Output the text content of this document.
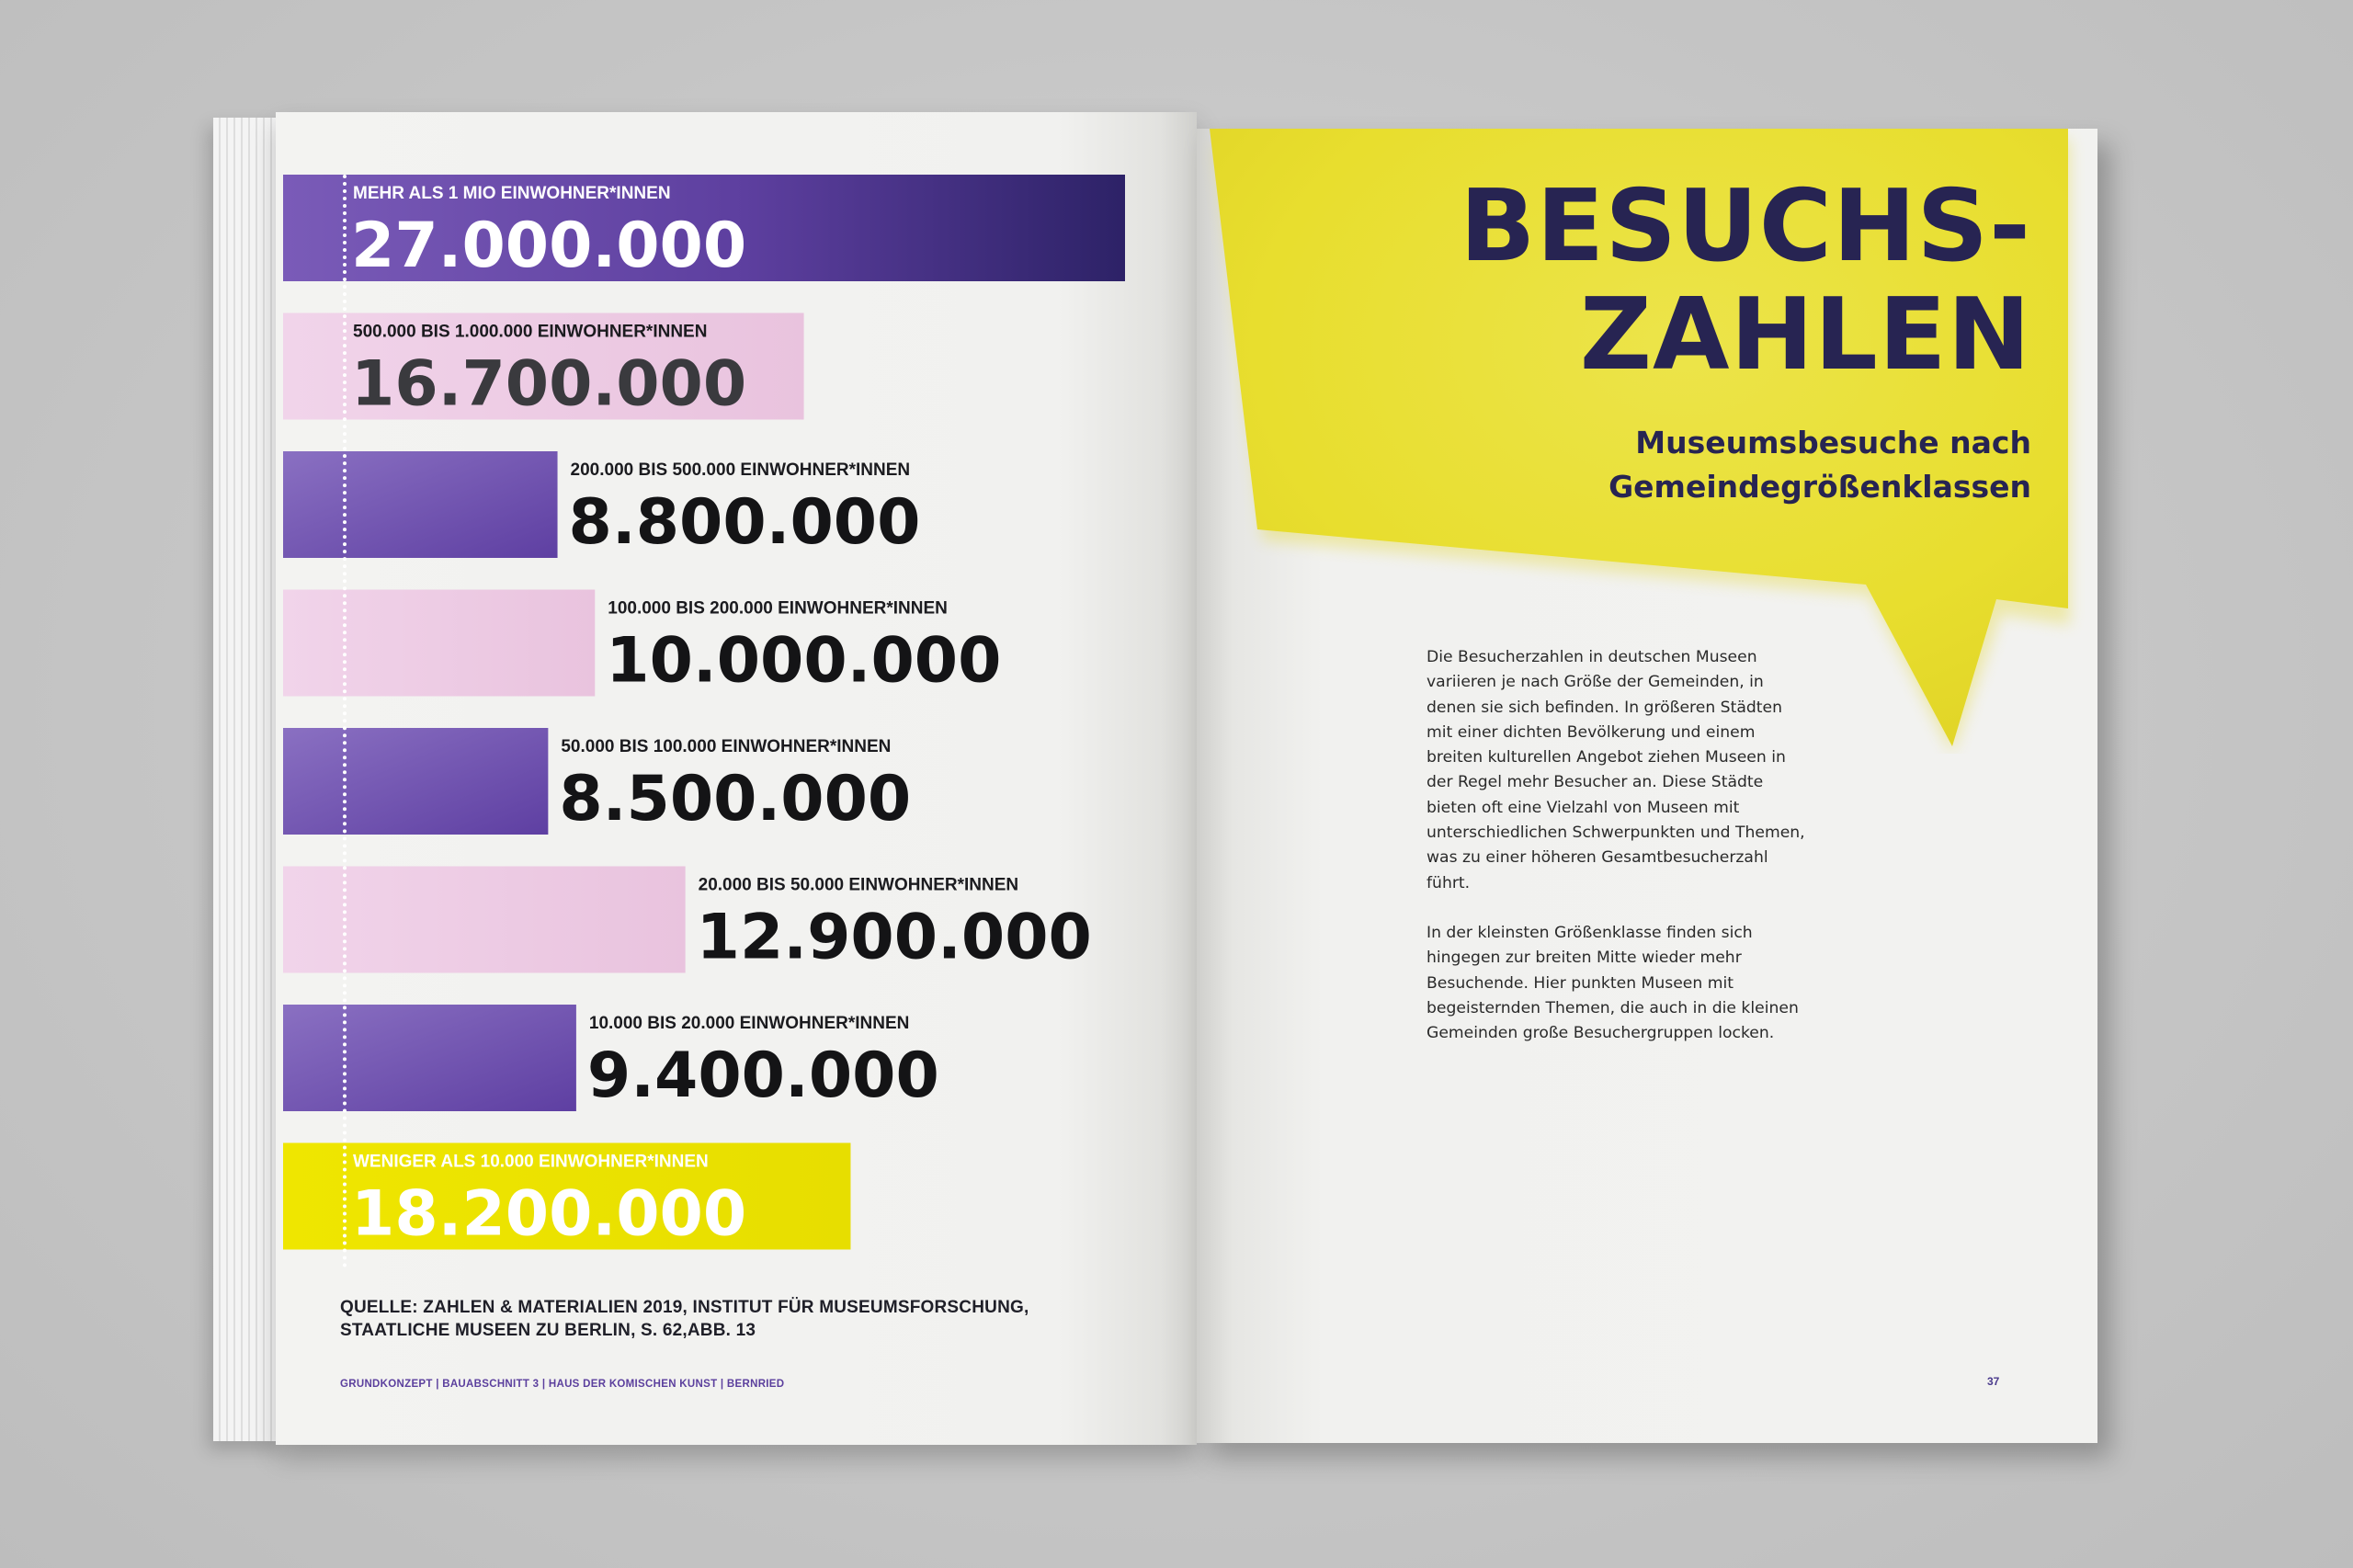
MEHR ALS 1 MIO EINWOHNER*INNEN
27.000.000
500.000 BIS 1.000.000 EINWOHNER*INNEN
16.700.000
200.000 BIS 500.000 EINWOHNER*INNEN
8.800.000
100.000 BIS 200.000 EINWOHNER*INNEN
10.000.000
50.000 BIS 100.000 EINWOHNER*INNEN
8.500.000
20.000 BIS 50.000 EINWOHNER*INNEN
12.900.000
10.000 BIS 20.000 EINWOHNER*INNEN
9.400.000
WENIGER ALS 10.000 EINWOHNER*INNEN
18.200.000
QUELLE: ZAHLEN & MATERIALIEN 2019, INSTITUT FÜR MUSEUMSFORSCHUNG, STAATLICHE MUSEEN ZU BERLIN, S. 62,ABB. 13
GRUNDKONZEPT | BAUABSCHNITT 3 | HAUS DER KOMISCHEN KUNST | BERNRIED
BESUCHS-
ZAHLEN
Museumsbesuche nach
Gemeindegrößenklassen

Die Besucherzahlen in deutschen Museen variieren je nach Größe der Gemeinden, in denen sie sich befinden. In größeren Städten mit einer dichten Bevölkerung und einem breiten kulturellen Angebot ziehen Museen in der Regel mehr Besucher an. Diese Städte bieten oft eine Vielzahl von Museen mit unterschiedlichen Schwerpunkten und Themen, was zu einer höheren Gesamtbesucherzahl führt.

In der kleinsten Größenklasse finden sich hingegen zur breiten Mitte wieder mehr Besuchende. Hier punkten Museen mit begeisternden Themen, die auch in die kleinen Gemeinden große Besuchergruppen locken.

37
